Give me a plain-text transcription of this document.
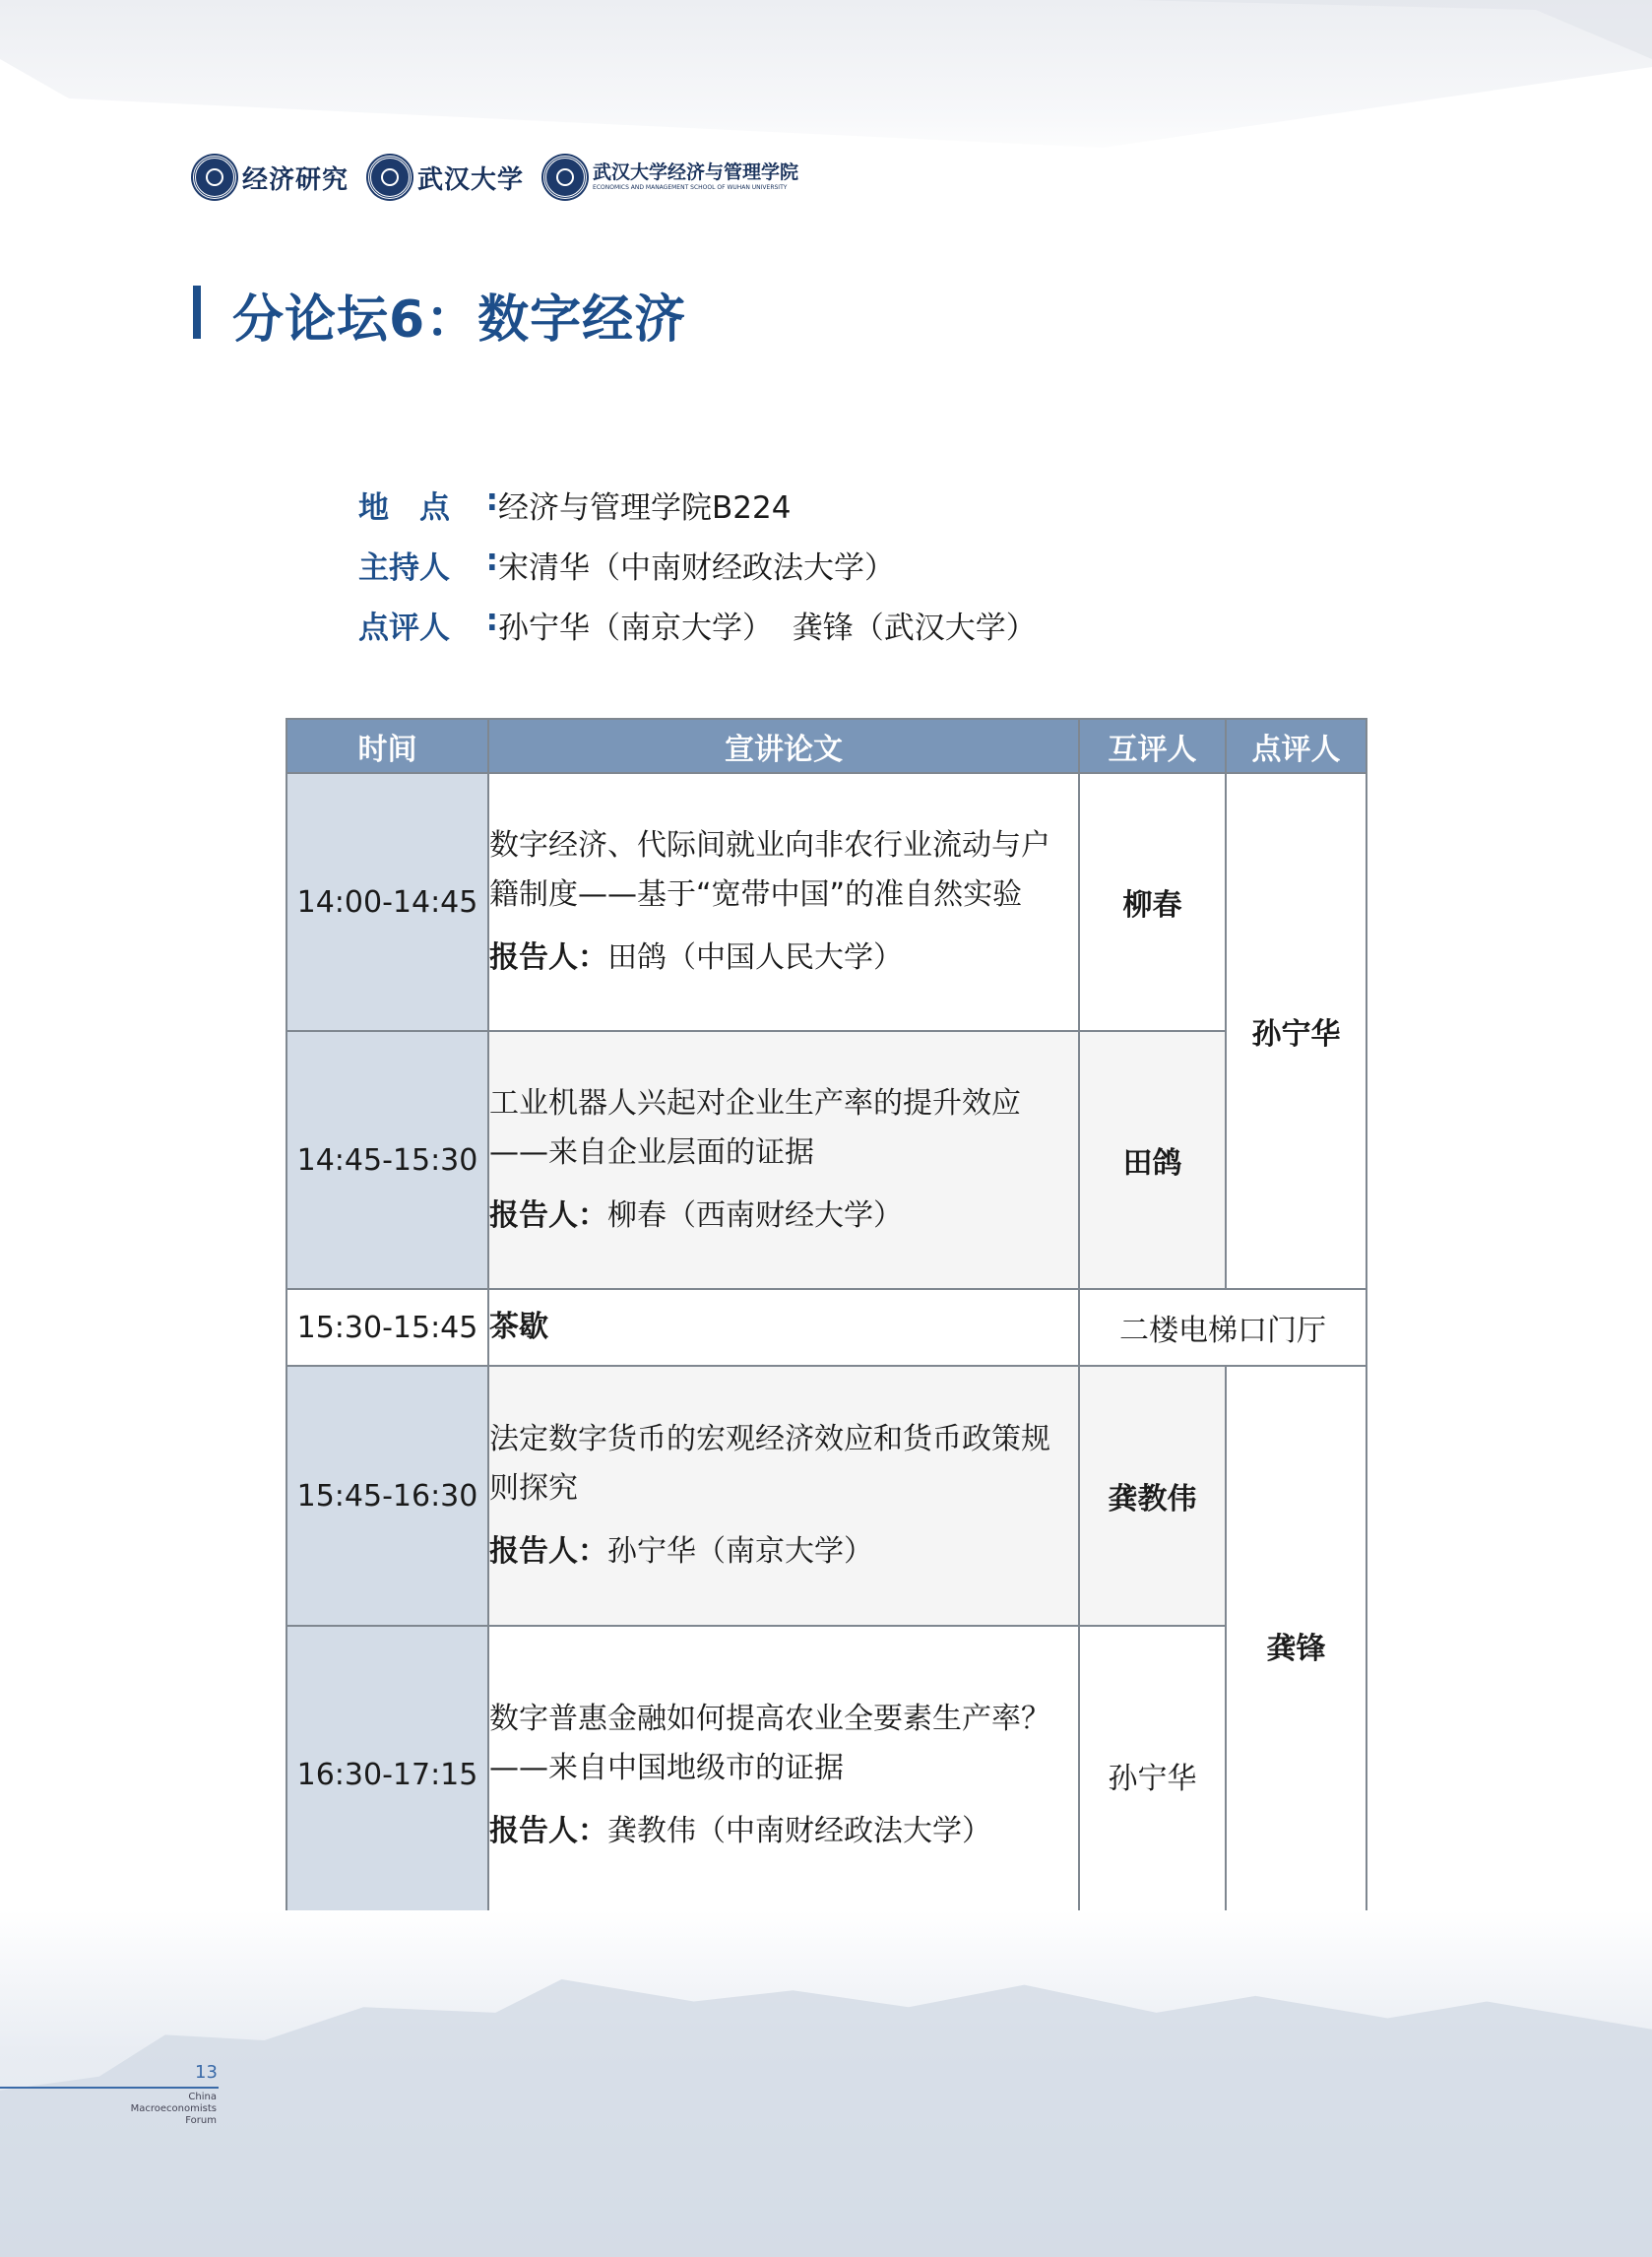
经济研究	武汉大学	武汉大学经济与管理学院
ECONOMICS AND MANAGEMENT SCHOOL OF WUHAN UNIVERSITY
分论坛6：数字经济
地　点 : 经济与管理学院B224
主持人 : 宋清华（中南财经政法大学）
点评人 : 孙宁华（南京大学）  龚锋（武汉大学）
时间	宣讲论文	互评人	点评人
14:00-14:45	数字经济、代际间就业向非农行业流动与户籍制度——基于“宽带中国”的准自然实验
报告人：田鸽（中国人民大学）	柳春	孙宁华
14:45-15:30	工业机器人兴起对企业生产率的提升效应——来自企业层面的证据
报告人：柳春（西南财经大学）	田鸽	
15:30-15:45	茶歇	二楼电梯口门厅	
15:45-16:30	法定数字货币的宏观经济效应和货币政策规则探究
报告人：孙宁华（南京大学）	龚教伟	龚锋
16:30-17:15	数字普惠金融如何提高农业全要素生产率？——来自中国地级市的证据
报告人：龚教伟（中南财经政法大学）	孙宁华	
13
China
Macroeconomists
Forum
